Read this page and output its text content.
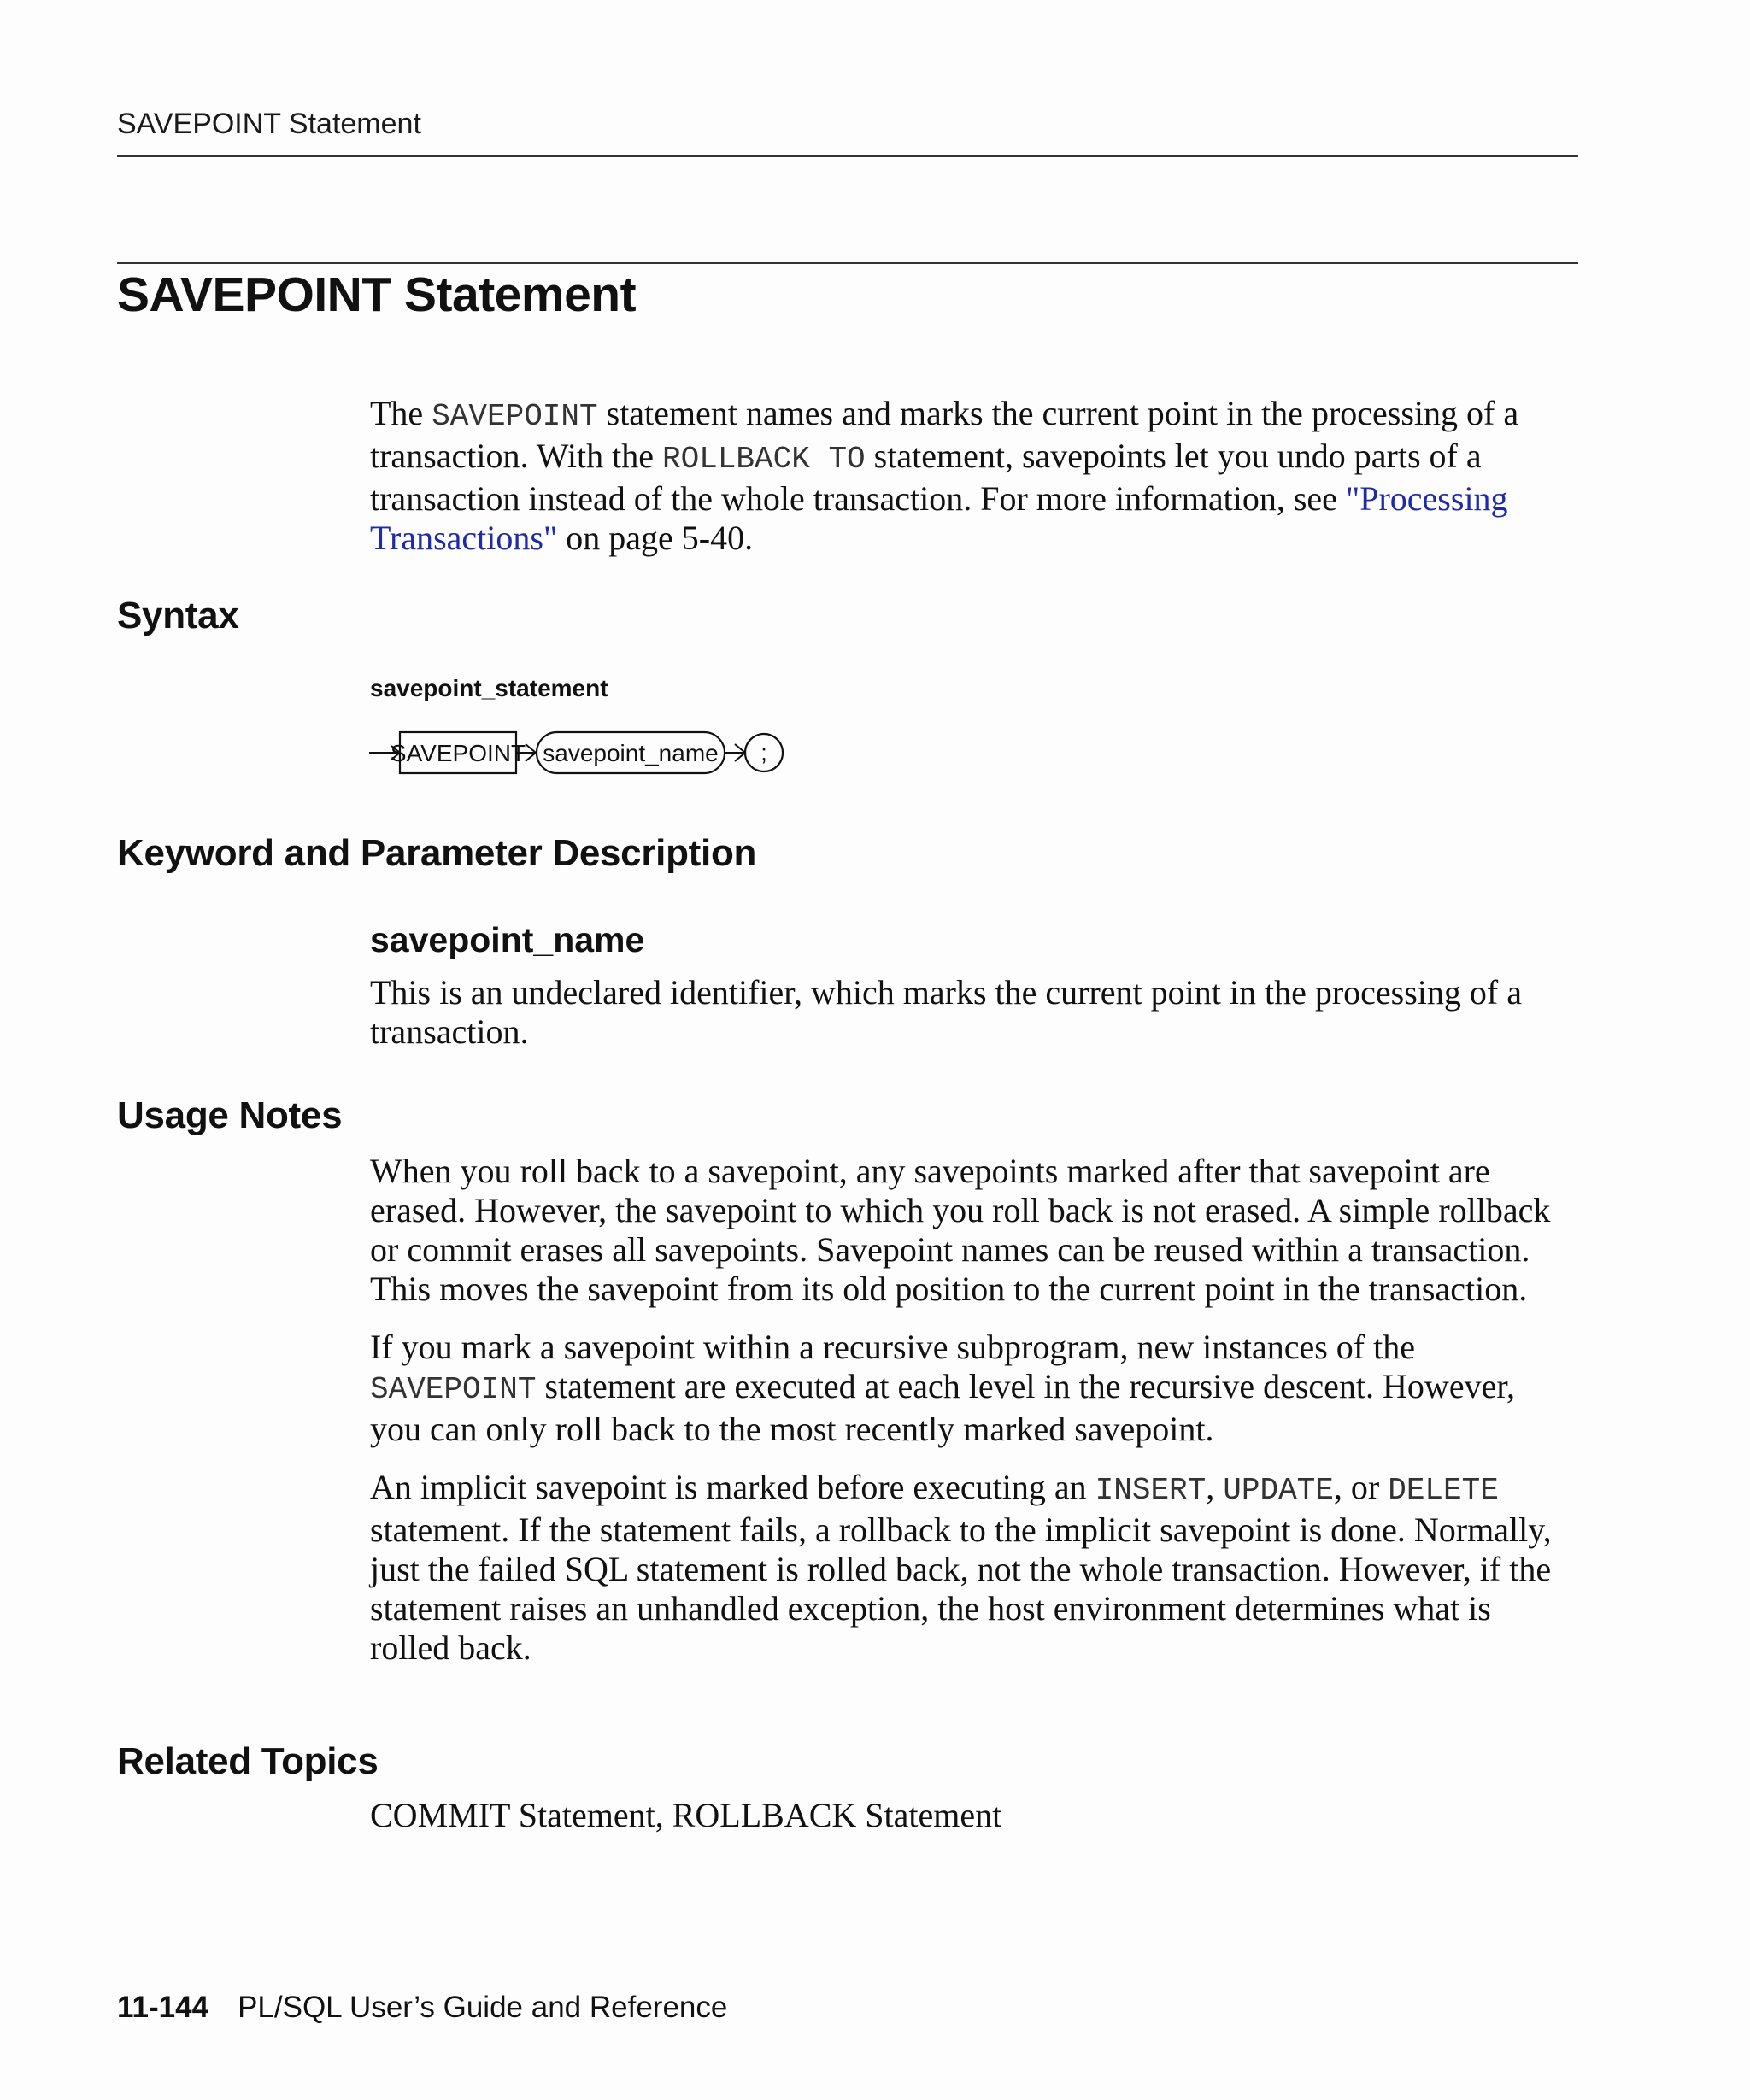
SAVEPOINT Statement
SAVEPOINT Statement

The SAVEPOINT statement names and marks the current point in the processing of a transaction. With the ROLLBACK TO statement, savepoints let you undo parts of a transaction instead of the whole transaction. For more information, see "Processing Transactions" on page 5-40.

Syntax
savepoint_statement
SAVEPOINT savepoint_name ;
Keyword and Parameter Description
savepoint_name

This is an undeclared identifier, which marks the current point in the processing of a transaction.

Usage Notes

When you roll back to a savepoint, any savepoints marked after that savepoint are erased. However, the savepoint to which you roll back is not erased. A simple rollback or commit erases all savepoints. Savepoint names can be reused within a transaction. This moves the savepoint from its old position to the current point in the transaction.

If you mark a savepoint within a recursive subprogram, new instances of the SAVEPOINT statement are executed at each level in the recursive descent. However, you can only roll back to the most recently marked savepoint.

An implicit savepoint is marked before executing an INSERT, UPDATE, or DELETE statement. If the statement fails, a rollback to the implicit savepoint is done. Normally, just the failed SQL statement is rolled back, not the whole transaction. However, if the statement raises an unhandled exception, the host environment determines what is rolled back.

Related Topics
COMMIT Statement, ROLLBACK Statement
11-144 PL/SQL User’s Guide and Reference
